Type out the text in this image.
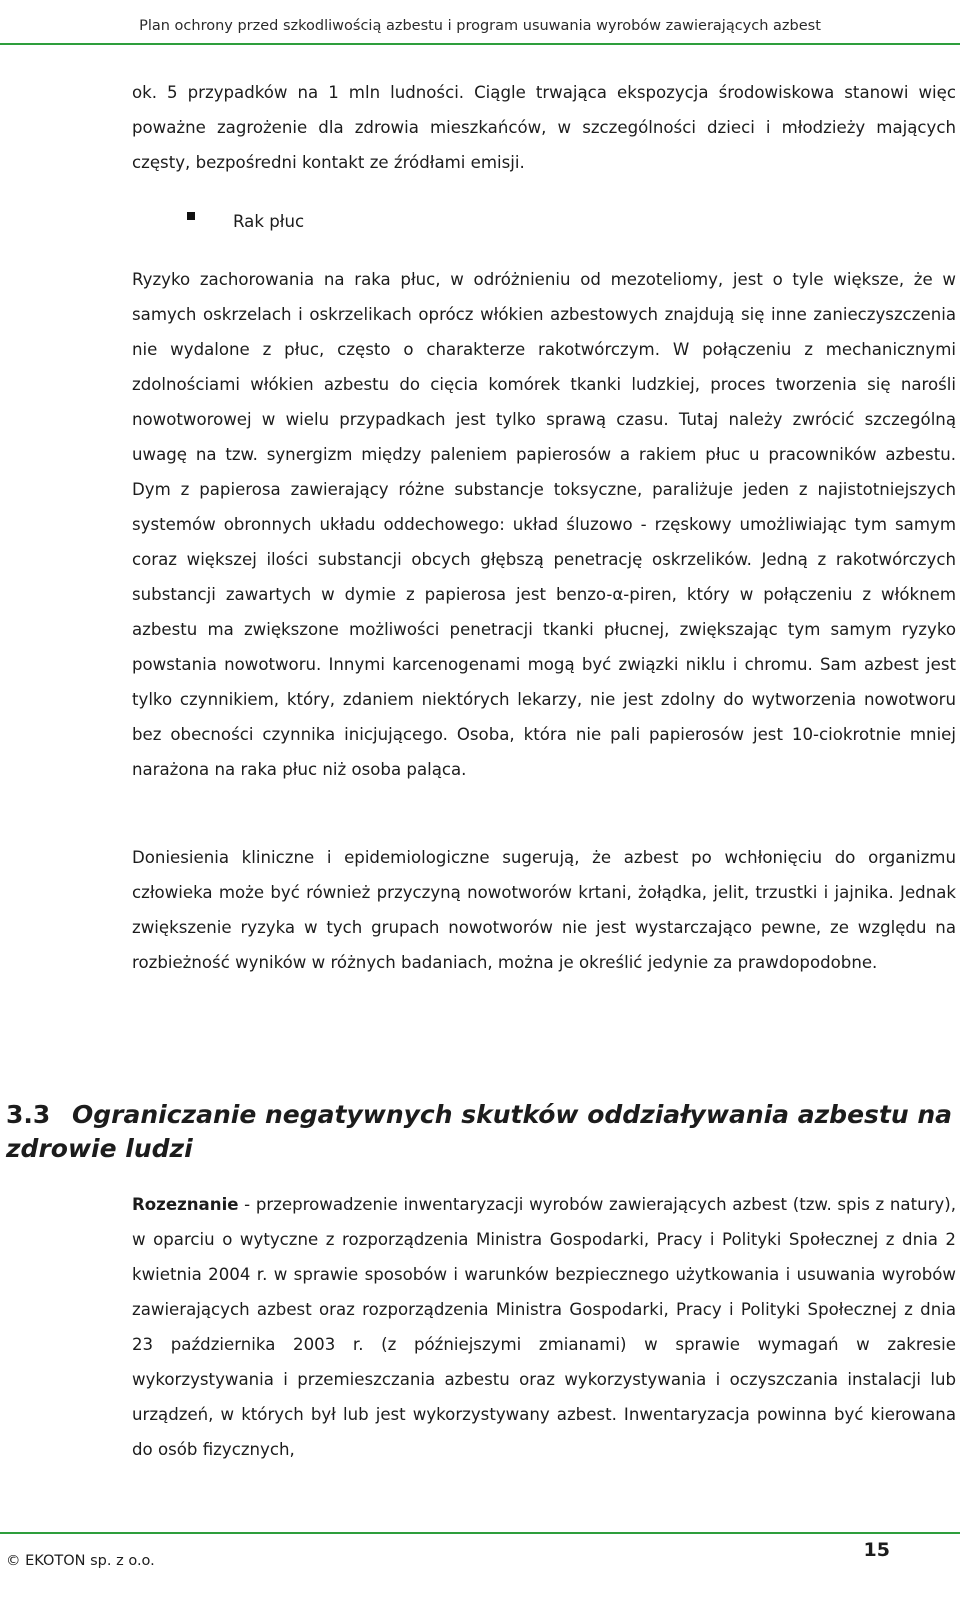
Plan ochrony przed szkodliwością azbestu i program usuwania wyrobów zawierających azbest
ok. 5 przypadków na 1 mln ludności. Ciągle trwająca ekspozycja środowiskowa stanowi więc poważne zagrożenie dla zdrowia mieszkańców, w szczególności dzieci i młodzieży mających częsty, bezpośredni kontakt ze źródłami emisji.
Rak płuc
Ryzyko zachorowania na raka płuc, w odróżnieniu od mezoteliomy, jest o tyle większe, że w samych oskrzelach i oskrzelikach oprócz włókien azbestowych znajdują się inne zanieczyszczenia nie wydalone z płuc, często o charakterze rakotwórczym. W połączeniu z mechanicznymi zdolnościami włókien azbestu do cięcia komórek tkanki ludzkiej, proces tworzenia się narośli nowotworowej w wielu przypadkach jest tylko sprawą czasu. Tutaj należy zwrócić szczególną uwagę na tzw. synergizm między paleniem papierosów a rakiem płuc u pracowników azbestu. Dym z papierosa zawierający różne substancje toksyczne, paraliżuje jeden z najistotniejszych systemów obronnych układu oddechowego: układ śluzowo - rzęskowy umożliwiając tym samym coraz większej ilości substancji obcych głębszą penetrację oskrzelików. Jedną z rakotwórczych substancji zawartych w dymie z papierosa jest benzo-α-piren, który w połączeniu z włóknem azbestu ma zwiększone możliwości penetracji tkanki płucnej, zwiększając tym samym ryzyko powstania nowotworu. Innymi karcenogenami mogą być związki niklu i chromu. Sam azbest jest tylko czynnikiem, który, zdaniem niektórych lekarzy, nie jest zdolny do wytworzenia nowotworu bez obecności czynnika inicjującego. Osoba, która nie pali papierosów jest 10-ciokrotnie mniej narażona na raka płuc niż osoba paląca.
Doniesienia kliniczne i epidemiologiczne sugerują, że azbest po wchłonięciu do organizmu człowieka może być również przyczyną nowotworów krtani, żołądka, jelit, trzustki i jajnika. Jednak zwiększenie ryzyka w tych grupach nowotworów nie jest wystarczająco pewne, ze względu na rozbieżność wyników w różnych badaniach, można je określić jedynie za prawdopodobne.
3.3 Ograniczanie negatywnych skutków oddziaływania azbestu na zdrowie ludzi
Rozeznanie - przeprowadzenie inwentaryzacji wyrobów zawierających azbest (tzw. spis z natury), w oparciu o wytyczne z rozporządzenia Ministra Gospodarki, Pracy i Polityki Społecznej z dnia 2 kwietnia 2004 r. w sprawie sposobów i warunków bezpiecznego użytkowania i usuwania wyrobów zawierających azbest oraz rozporządzenia Ministra Gospodarki, Pracy i Polityki Społecznej z dnia 23 października 2003 r. (z późniejszymi zmianami) w sprawie wymagań w zakresie wykorzystywania i przemieszczania azbestu oraz wykorzystywania i oczyszczania instalacji lub urządzeń, w których był lub jest wykorzystywany azbest. Inwentaryzacja powinna być kierowana do osób fizycznych,
© EKOTON sp. z o.o.	15
